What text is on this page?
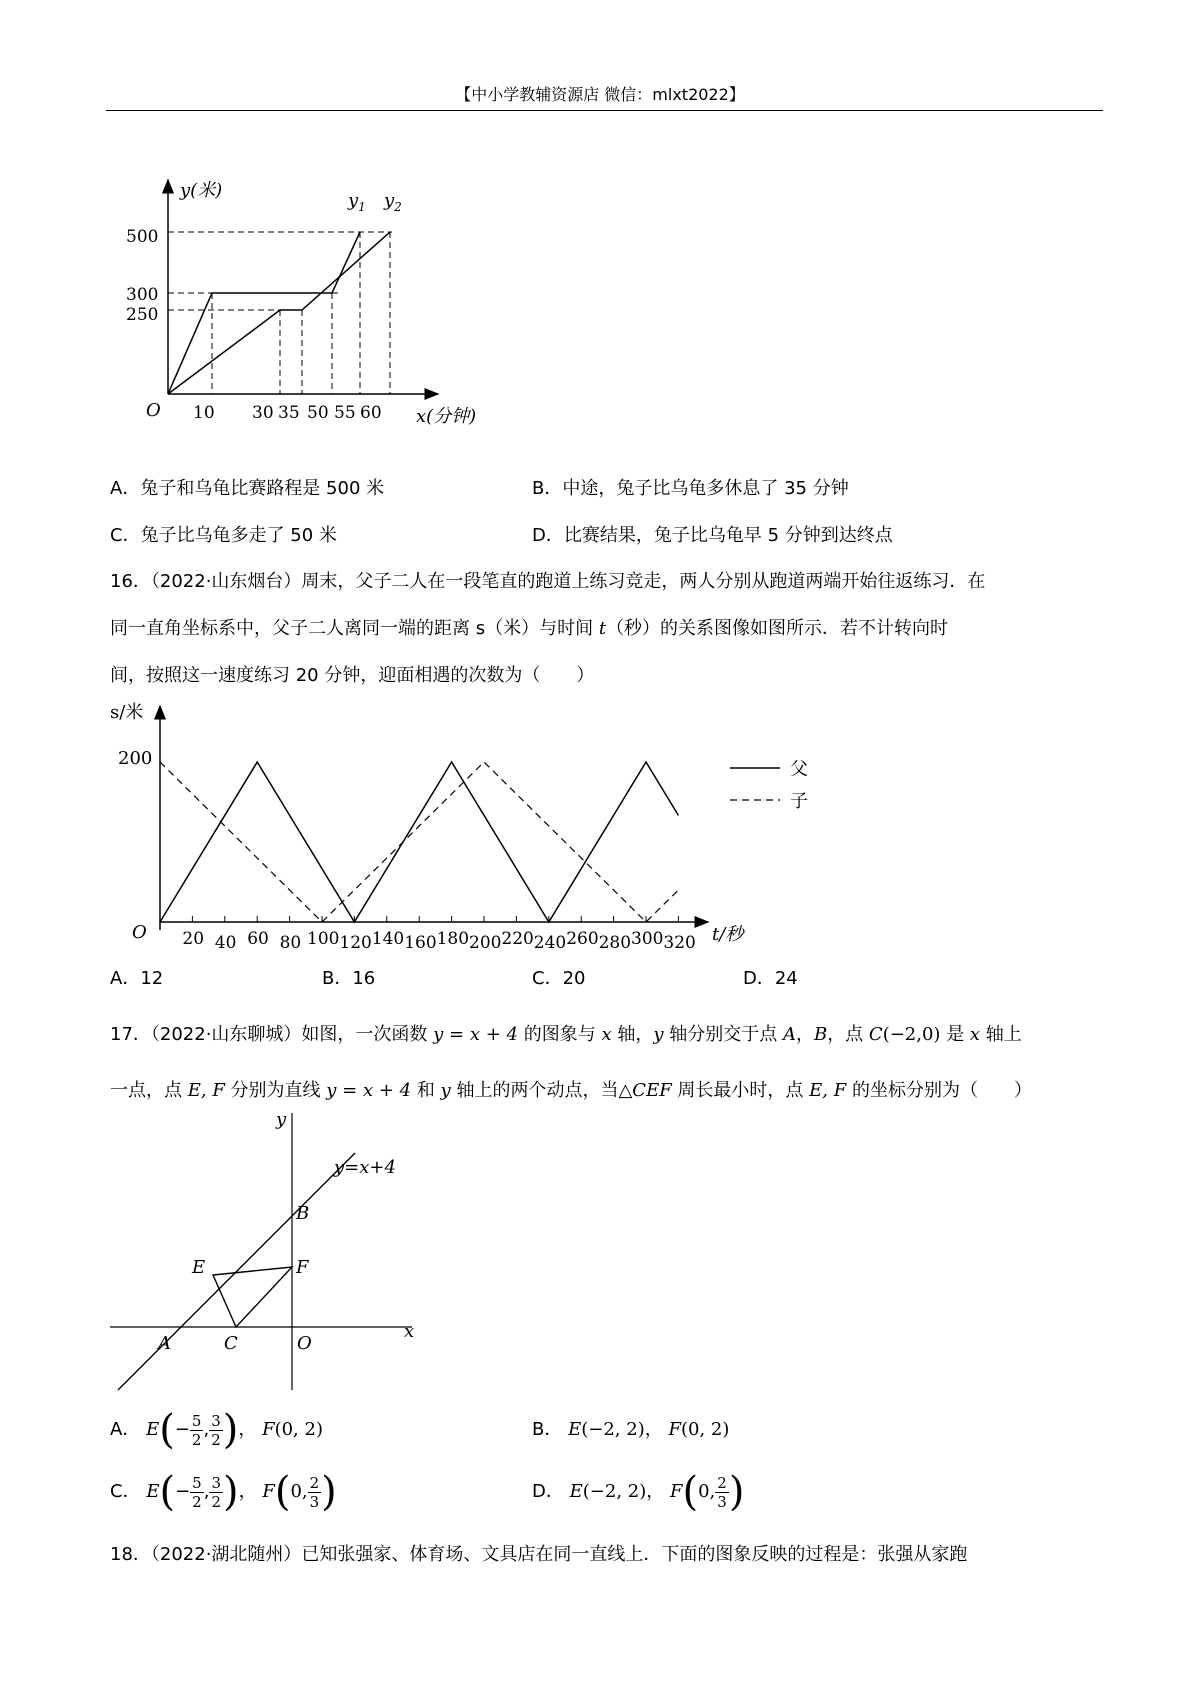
【中小学教辅资源店 微信：mlxt2022】
y(米)
x(分钟)
O
500
300
250
10 30 35 50 55 60
$y_1$ $y_2$
A．兔子和乌龟比赛路程是 500 米	B．中途，兔子比乌龟多休息了 35 分钟
C．兔子比乌龟多走了 50 米	D．比赛结果，兔子比乌龟早 5 分钟到达终点
16．（2022·山东烟台）周末，父子二人在一段笔直的跑道上练习竞走，两人分别从跑道两端开始往返练习．在
同一直角坐标系中，父子二人离同一端的距离 s（米）与时间 t（秒）的关系图像如图所示．若不计转向时
间，按照这一速度练习 20 分钟，迎面相遇的次数为（　　）
s/米
t/秒
O
200
20 40 60 80 100 120 140 160 180 200 220 240 260 280 300 320
父
子
A．12	B．16	C．20	D．24
17．（2022·山东聊城）如图，一次函数 y = x + 4 的图象与 x 轴，y 轴分别交于点 A，B，点 C(−2,0) 是 x 轴上
一点，点 E, F 分别为直线 y = x + 4 和 y 轴上的两个动点，当△CEF 周长最小时，点 E, F 的坐标分别为（　　）
y
x
y=x+4
A
B
C
E	F
O
A． $E(- \frac{5}{2}$ , $\frac{3}{2}$ )， F(0, 2)	B． E(−2, 2)， F(0, 2)
C． $E(- \frac{5}{2}$ , $\frac{3}{2}$ )， F(0, $\frac{2}{3}$ )	D． E(−2, 2)， F(0, $\frac{2}{3}$ )
18．（2022·湖北随州）已知张强家、体育场、文具店在同一直线上．下面的图象反映的过程是：张强从家跑
